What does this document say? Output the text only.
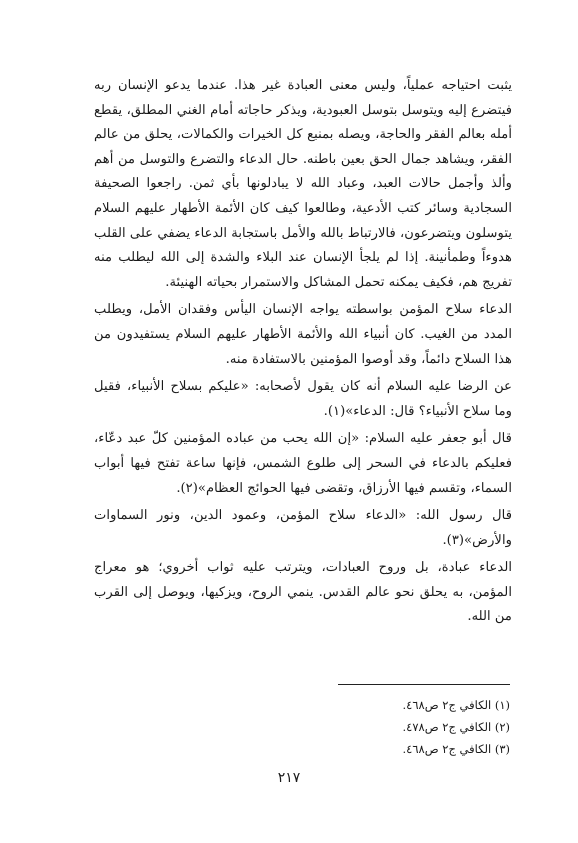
يثبت احتياجه عملياً، وليس معنى العبادة غير هذا. عندما يدعو الإنسان ربه فيتضرع إليه ويتوسل بتوسل العبودية، ويذكر حاجاته أمام الغني المطلق، يقطع أمله بعالم الفقر والحاجة، ويصله بمنبع كل الخيرات والكمالات، يحلق من عالم الفقر، ويشاهد جمال الحق بعين باطنه. حال الدعاء والتضرع والتوسل من أهم وألذ وأجمل حالات العبد، وعباد الله لا يبادلونها بأي ثمن. راجعوا الصحيفة السجادية وسائر كتب الأدعية، وطالعوا كيف كان الأئمة الأطهار عليهم السلام يتوسلون ويتضرعون، فالارتباط بالله والأمل باستجابة الدعاء يضفي على القلب هدوءاً وطمأنينة. إذا لم يلجأ الإنسان عند البلاء والشدة إلى الله ليطلب منه تفريج هم، فكيف يمكنه تحمل المشاكل والاستمرار بحياته الهنيئة.

الدعاء سلاح المؤمن بواسطته يواجه الإنسان اليأس وفقدان الأمل، ويطلب المدد من الغيب. كان أنبياء الله والأئمة الأطهار عليهم السلام يستفيدون من هذا السلاح دائماً، وقد أوصوا المؤمنين بالاستفادة منه.

عن الرضا عليه السلام أنه كان يقول لأصحابه: «عليكم بسلاح الأنبياء، فقيل وما سلاح الأنبياء؟ قال: الدعاء»(١).

قال أبو جعفر عليه السلام: «إن الله يحب من عباده المؤمنين كلّ عبد دعّاء، فعليكم بالدعاء في السحر إلى طلوع الشمس، فإنها ساعة تفتح فيها أبواب السماء، وتقسم فيها الأرزاق، وتقضى فيها الحوائج العظام»(٢).

قال رسول الله: «الدعاء سلاح المؤمن، وعمود الدين، ونور السماوات والأرض»(٣).

الدعاء عبادة، بل وروح العبادات، ويترتب عليه ثواب أخروي؛ هو معراج المؤمن، به يحلق نحو عالم القدس. ينمي الروح، ويزكيها، ويوصل إلى القرب من الله.

(١) الكافي ج٢ ص٤٦٨.

(٢) الكافي ج٢ ص٤٧٨.

(٣) الكافي ج٢ ص٤٦٨.

٢١٧
